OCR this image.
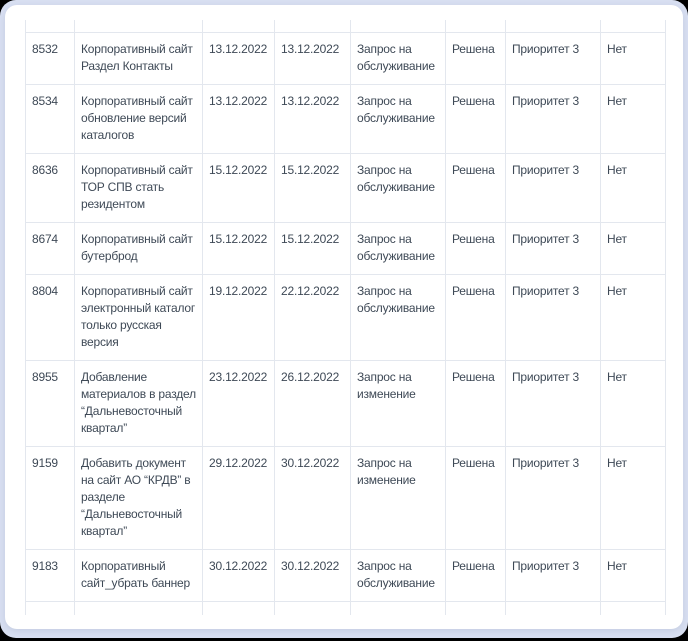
8532	Корпоративный сайт Раздел Контакты	13.12.2022	13.12.2022	Запрос на обслуживание	Решена	Приоритет 3	Нет
8534	Корпоративный сайт обновление версий каталогов	13.12.2022	13.12.2022	Запрос на обслуживание	Решена	Приоритет 3	Нет
8636	Корпоративный сайт ТОР СПВ стать резидентом	15.12.2022	15.12.2022	Запрос на обслуживание	Решена	Приоритет 3	Нет
8674	Корпоративный сайт бутерброд	15.12.2022	15.12.2022	Запрос на обслуживание	Решена	Приоритет 3	Нет
8804	Корпоративный сайт электронный каталог только русская версия	19.12.2022	22.12.2022	Запрос на обслуживание	Решена	Приоритет 3	Нет
8955	Добавление материалов в раздел “Дальневосточный квартал”	23.12.2022	26.12.2022	Запрос на изменение	Решена	Приоритет 3	Нет
9159	Добавить документ на сайт АО “КРДВ” в разделе “Дальневосточный квартал”	29.12.2022	30.12.2022	Запрос на изменение	Решена	Приоритет 3	Нет
9183	Корпоративный сайт_убрать баннер	30.12.2022	30.12.2022	Запрос на обслуживание	Решена	Приоритет 3	Нет
